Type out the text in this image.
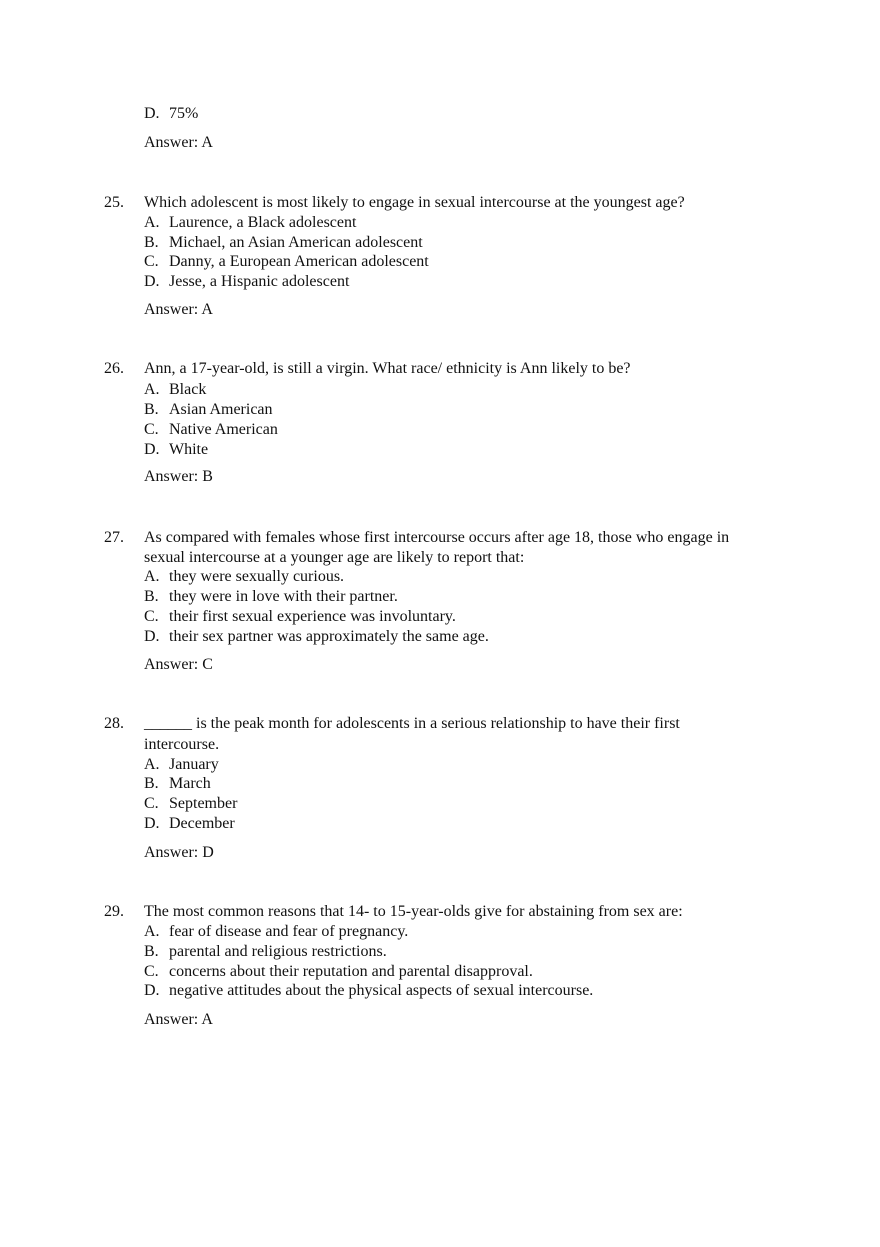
D. 75%
Answer: A
25. Which adolescent is most likely to engage in sexual intercourse at the youngest age?
A. Laurence, a Black adolescent
B. Michael, an Asian American adolescent
C. Danny, a European American adolescent
D. Jesse, a Hispanic adolescent
Answer: A
26. Ann, a 17-year-old, is still a virgin. What race/ ethnicity is Ann likely to be?
A. Black
B. Asian American
C. Native American
D. White
Answer: B
27. As compared with females whose first intercourse occurs after age 18, those who engage in
sexual intercourse at a younger age are likely to report that:
A. they were sexually curious.
B. they were in love with their partner.
C. their first sexual experience was involuntary.
D. their sex partner was approximately the same age.
Answer: C
28. ______ is the peak month for adolescents in a serious relationship to have their first
intercourse.
A. January
B. March
C. September
D. December
Answer: D
29. The most common reasons that 14- to 15-year-olds give for abstaining from sex are:
A. fear of disease and fear of pregnancy.
B. parental and religious restrictions.
C. concerns about their reputation and parental disapproval.
D. negative attitudes about the physical aspects of sexual intercourse.
Answer: A
